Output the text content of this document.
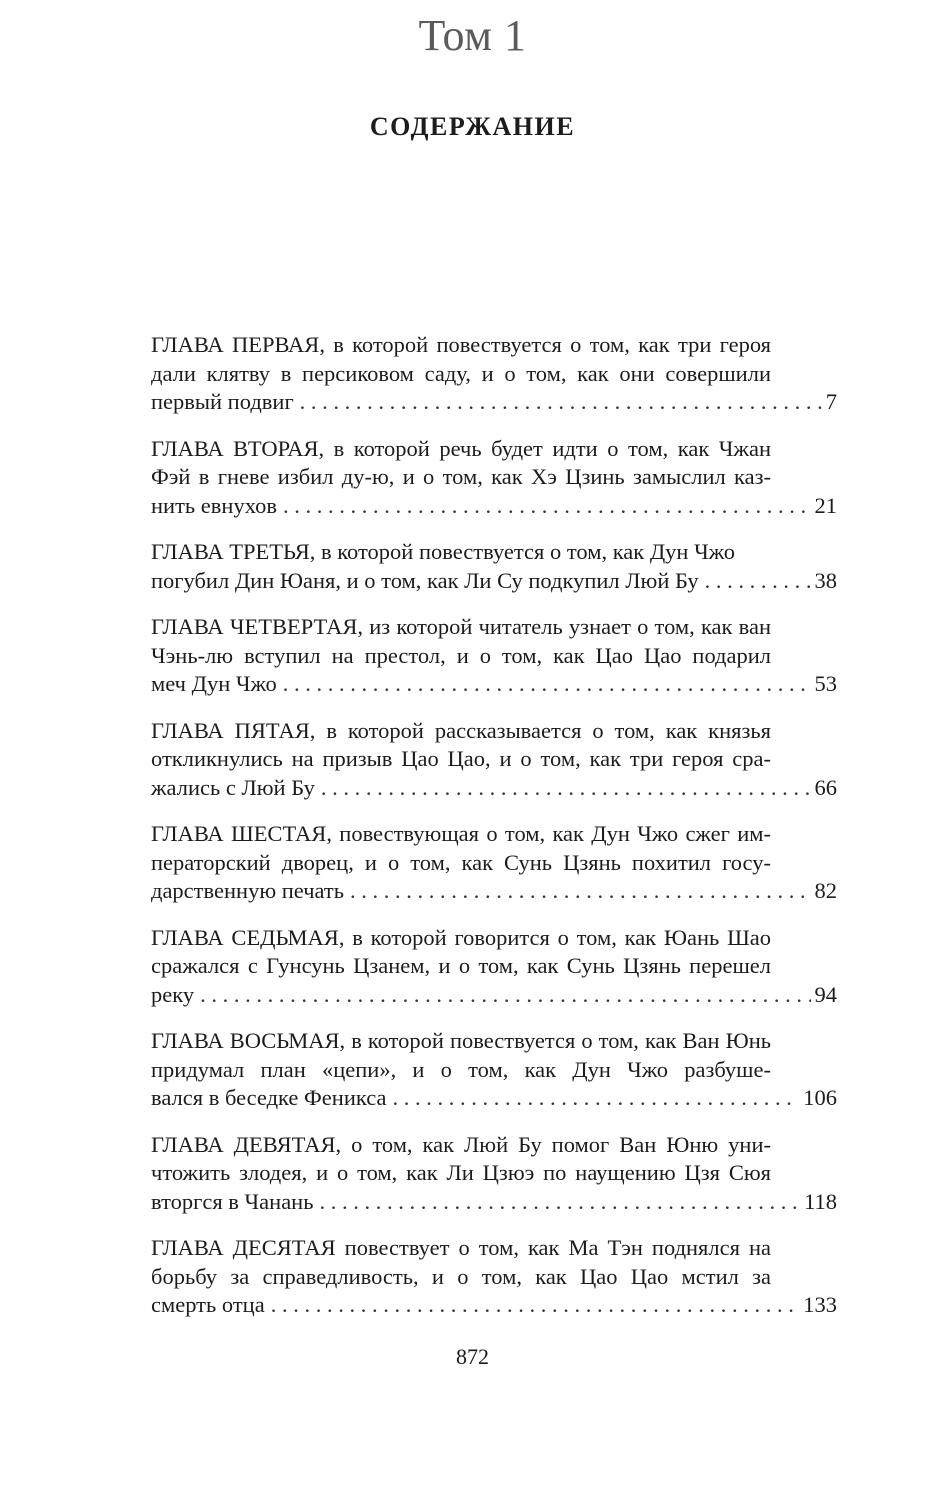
Том 1
СОДЕРЖАНИЕ
ГЛАВА ПЕРВАЯ, в которой повествуется о том, как три героя дали клятву в персиковом саду, и о том, как они совершили
первый подвиг . . .	7
ГЛАВА ВТОРАЯ, в которой речь будет идти о том, как Чжан Фэй в гневе избил ду-ю, и о том, как Хэ Цзинь замыслил каз-
нить евнухов . . .	21
ГЛАВА ТРЕТЬЯ, в которой повествуется о том, как Дун Чжо
погубил Дин Юаня, и о том, как Ли Су подкупил Люй Бу . . .	38
ГЛАВА ЧЕТВЕРТАЯ, из которой читатель узнает о том, как ван Чэнь-лю вступил на престол, и о том, как Цао Цао подарил
меч Дун Чжо . . .	53
ГЛАВА ПЯТАЯ, в которой рассказывается о том, как князья откликнулись на призыв Цао Цао, и о том, как три героя сра-
жались с Люй Бу . . .	66
ГЛАВА ШЕСТАЯ, повествующая о том, как Дун Чжо сжег им- ператорский дворец, и о том, как Сунь Цзянь похитил госу-
дарственную печать . . .	82
ГЛАВА СЕДЬМАЯ, в которой говорится о том, как Юань Шао сражался с Гунсунь Цзанем, и о том, как Сунь Цзянь перешел
реку . . .	94
ГЛАВА ВОСЬМАЯ, в которой повествуется о том, как Ван Юнь придумал план «цепи», и о том, как Дун Чжо разбуше-
вался в беседке Феникса . . .	106
ГЛАВА ДЕВЯТАЯ, о том, как Люй Бу помог Ван Юню уни- чтожить злодея, и о том, как Ли Цзюэ по наущению Цзя Сюя
вторгся в Чанань . . .	118
ГЛАВА ДЕСЯТАЯ повествует о том, как Ма Тэн поднялся на борьбу за справедливость, и о том, как Цао Цао мстил за
смерть отца . . .	133
872
